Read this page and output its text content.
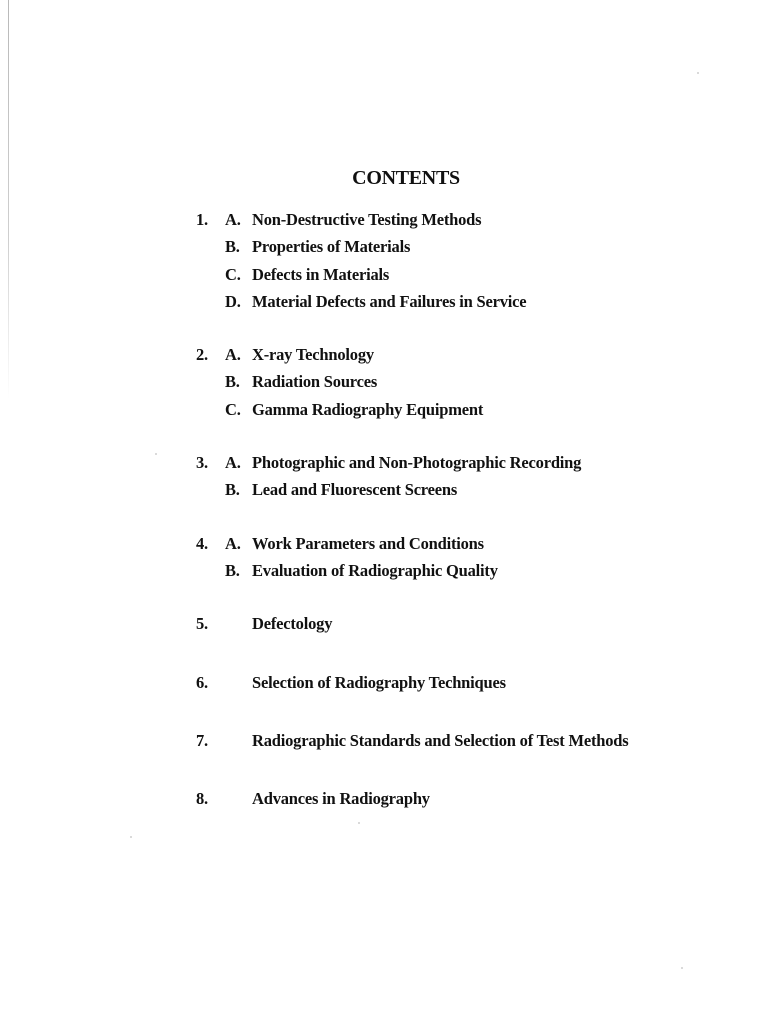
CONTENTS
1.	A. Non-Destructive Testing Methods
B. Properties of Materials
C. Defects in Materials
D. Material Defects and Failures in Service
2.	A. X-ray Technology
B. Radiation Sources
C. Gamma Radiography Equipment
3.	A. Photographic and Non-Photographic Recording
B. Lead and Fluorescent Screens
4.	A. Work Parameters and Conditions
B. Evaluation of Radiographic Quality
5.	Defectology
6.	Selection of Radiography Techniques
7.	Radiographic Standards and Selection of Test Methods
8.	Advances in Radiography
